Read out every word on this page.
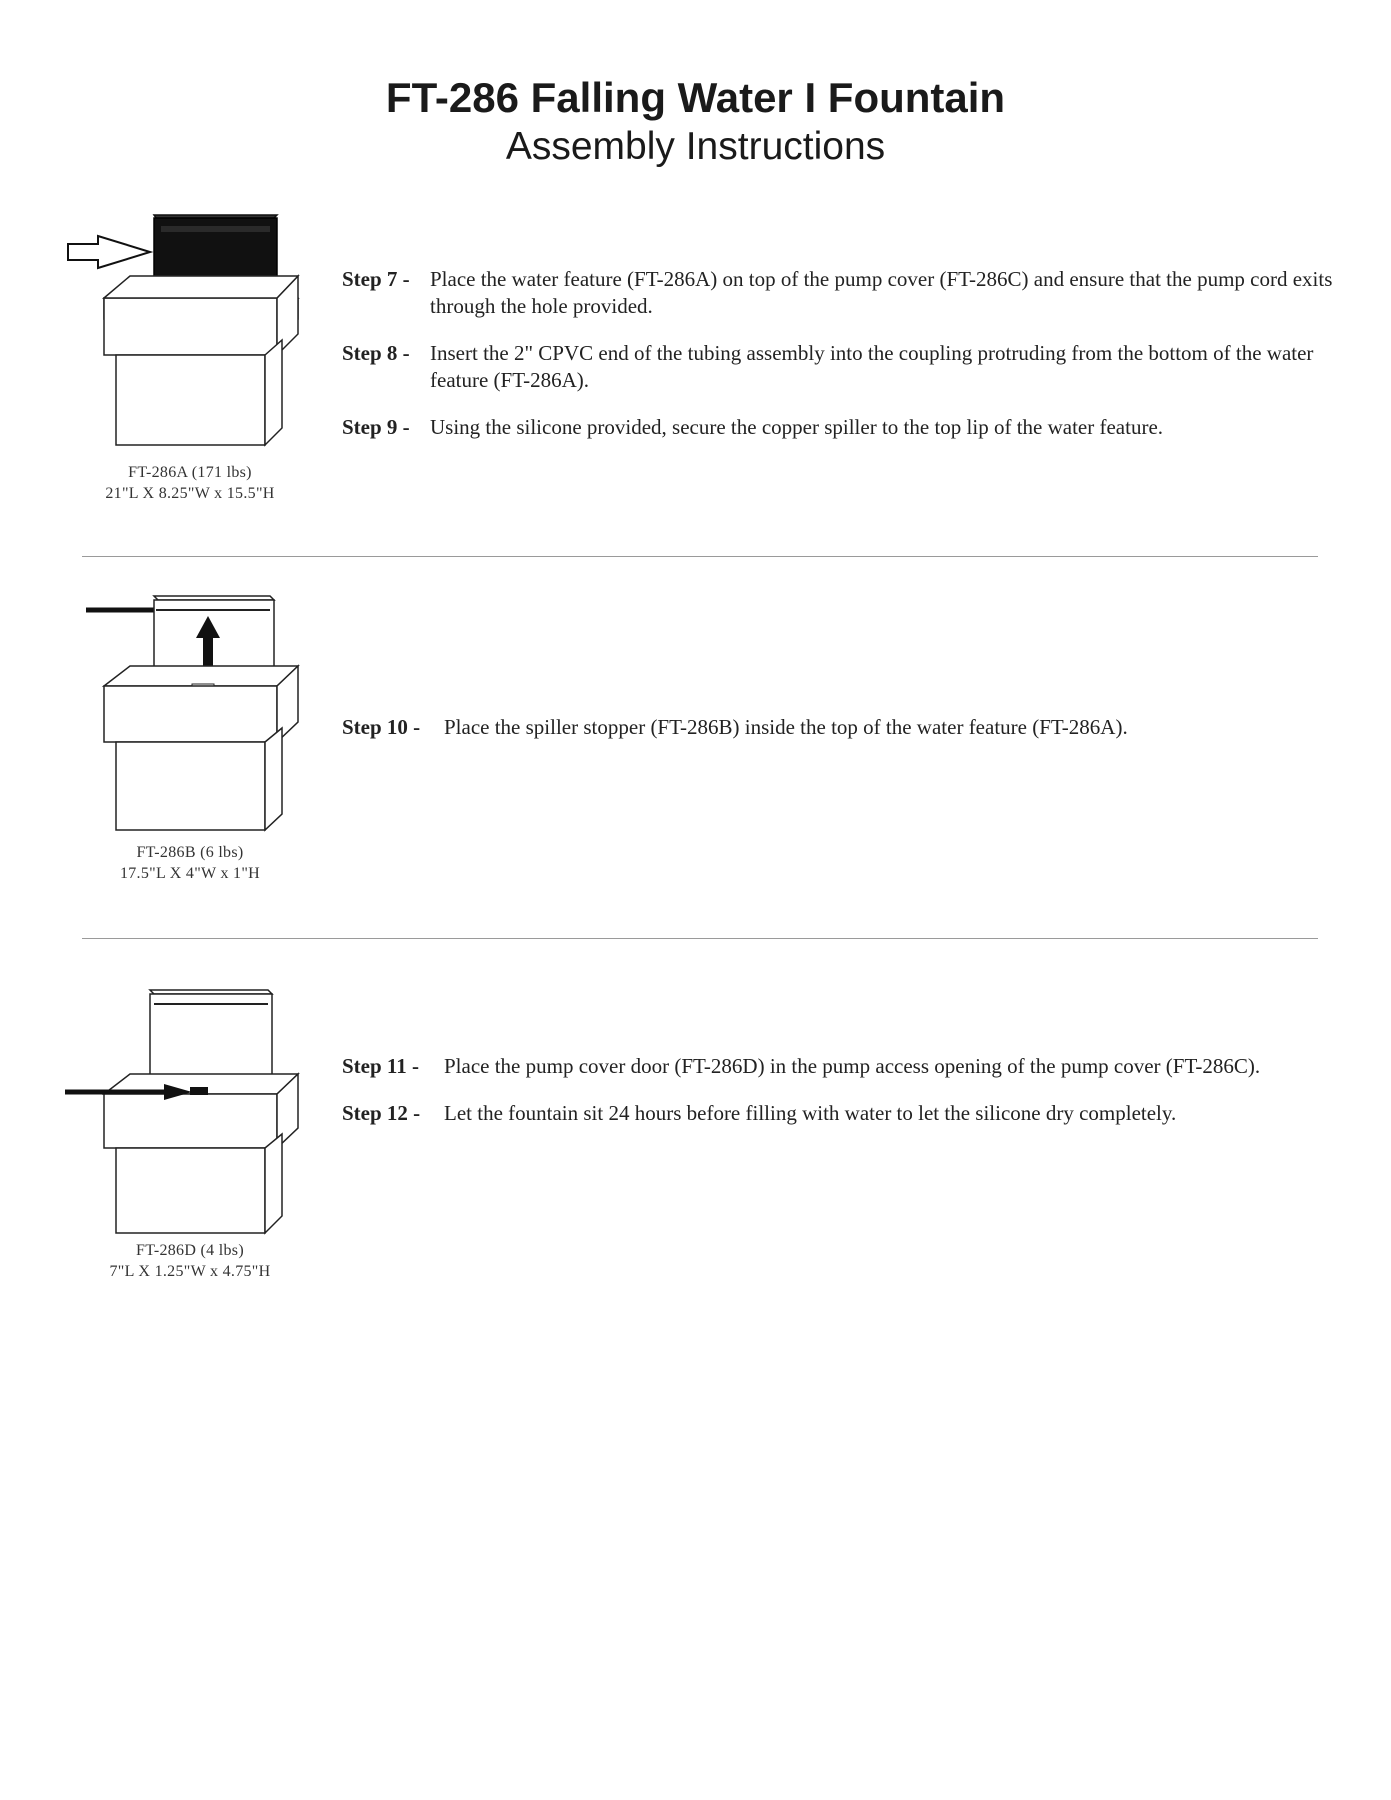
FT-286 Falling Water I Fountain
Assembly Instructions
FT-286A (171 lbs)
21"L X 8.25"W x 15.5"H
Step 7 - Place the water feature (FT-286A) on top of the pump cover (FT-286C) and ensure that the pump cord exits through the hole provided.
Step 8 - Insert the 2" CPVC end of the tubing assembly into the coupling protruding from the bottom of the water feature (FT-286A).
Step 9 - Using the silicone provided, secure the copper spiller to the top lip of the water feature.
FT-286B (6 lbs)
17.5"L X 4"W x 1"H
Step 10 -	Place the spiller stopper (FT-286B) inside the top of the water feature (FT-286A).
FT-286D (4 lbs)
7"L X 1.25"W x 4.75"H
Step 11 -	Place the pump cover door (FT-286D) in the pump access opening of the pump cover (FT-286C).
Step 12 -	Let the fountain sit 24 hours before filling with water to let the silicone dry completely.
